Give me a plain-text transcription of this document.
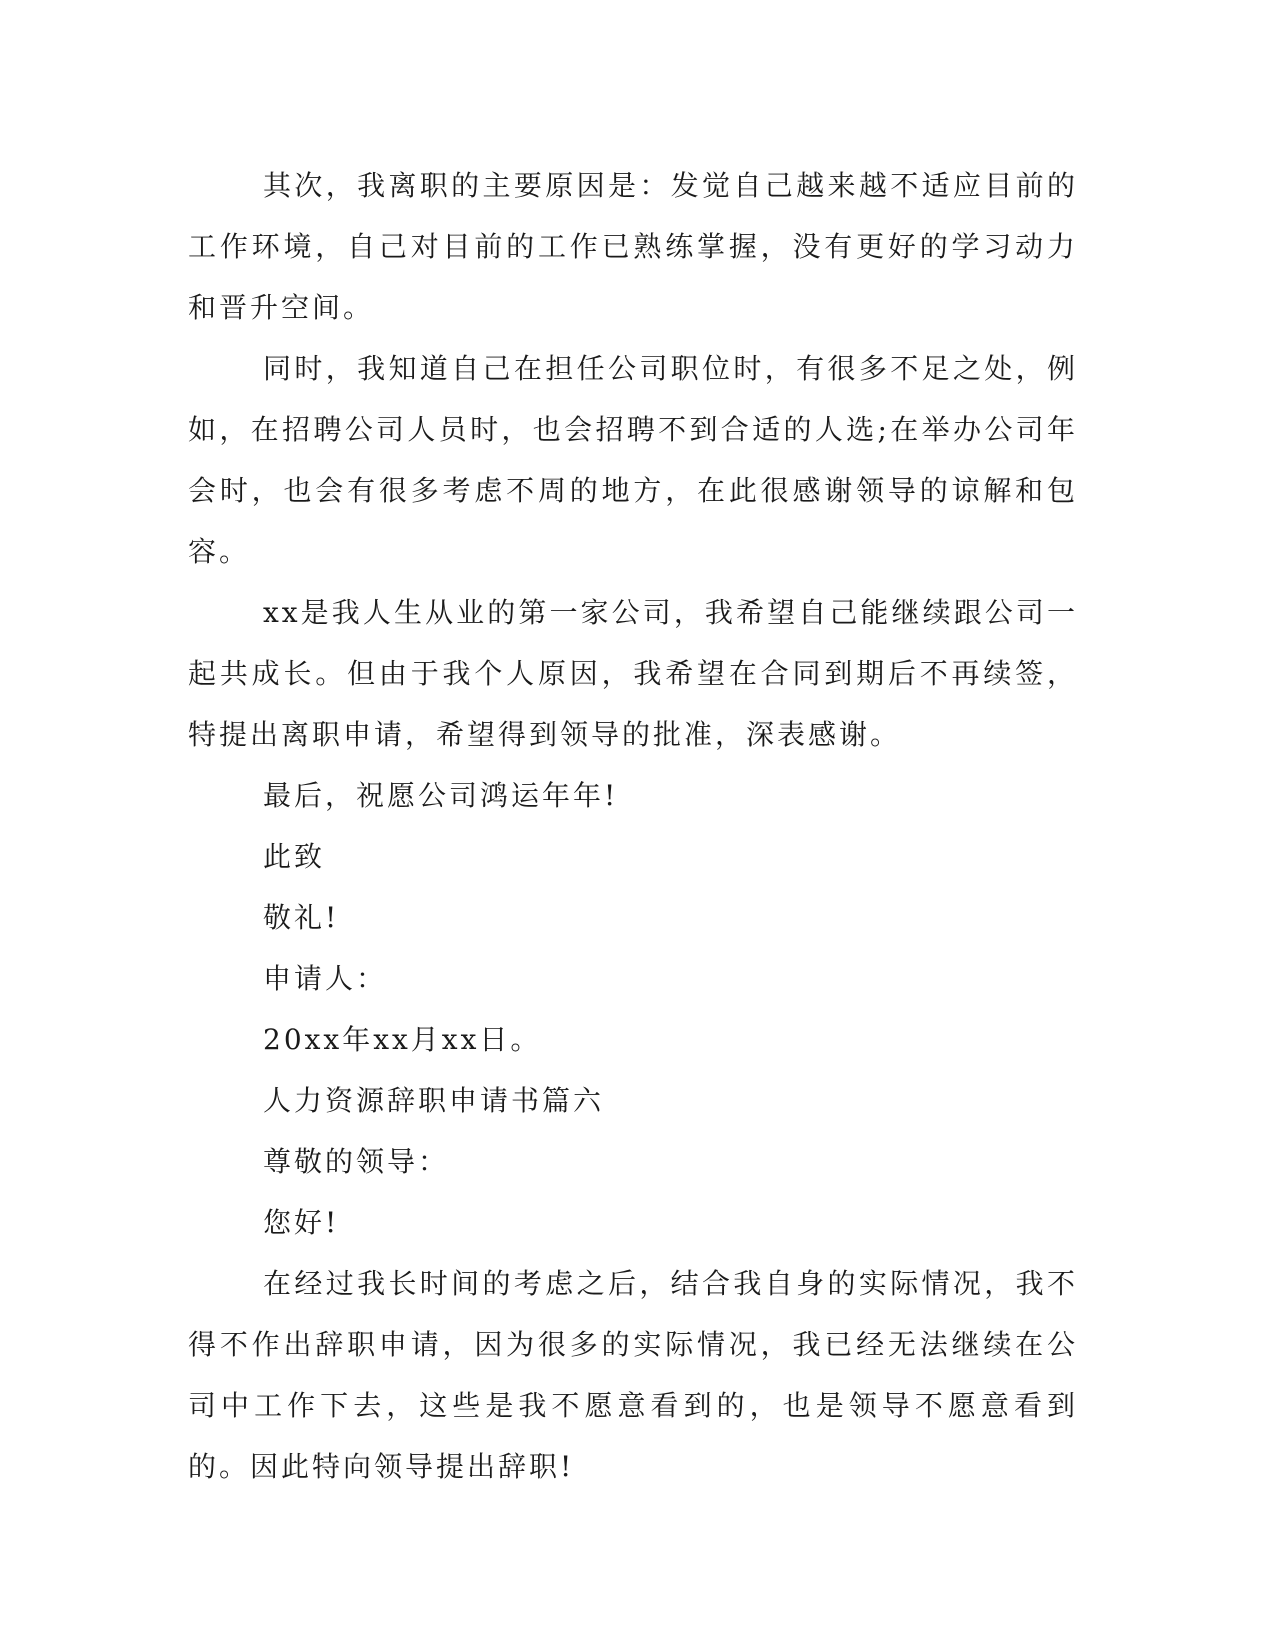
其次，我离职的主要原因是：发觉自己越来越不适应目前的工作环境，自己对目前的工作已熟练掌握，没有更好的学习动力和晋升空间。

同时，我知道自己在担任公司职位时，有很多不足之处，例如，在招聘公司人员时，也会招聘不到合适的人选;在举办公司年会时，也会有很多考虑不周的地方，在此很感谢领导的谅解和包容。

xx是我人生从业的第一家公司，我希望自己能继续跟公司一起共成长。但由于我个人原因，我希望在合同到期后不再续签，特提出离职申请，希望得到领导的批准，深表感谢。

最后，祝愿公司鸿运年年!

此致

敬礼!

申请人：

20xx年xx月xx日。

人力资源辞职申请书篇六

尊敬的领导：

您好!

在经过我长时间的考虑之后，结合我自身的实际情况，我不得不作出辞职申请，因为很多的实际情况，我已经无法继续在公司中工作下去，这些是我不愿意看到的，也是领导不愿意看到的。因此特向领导提出辞职!
